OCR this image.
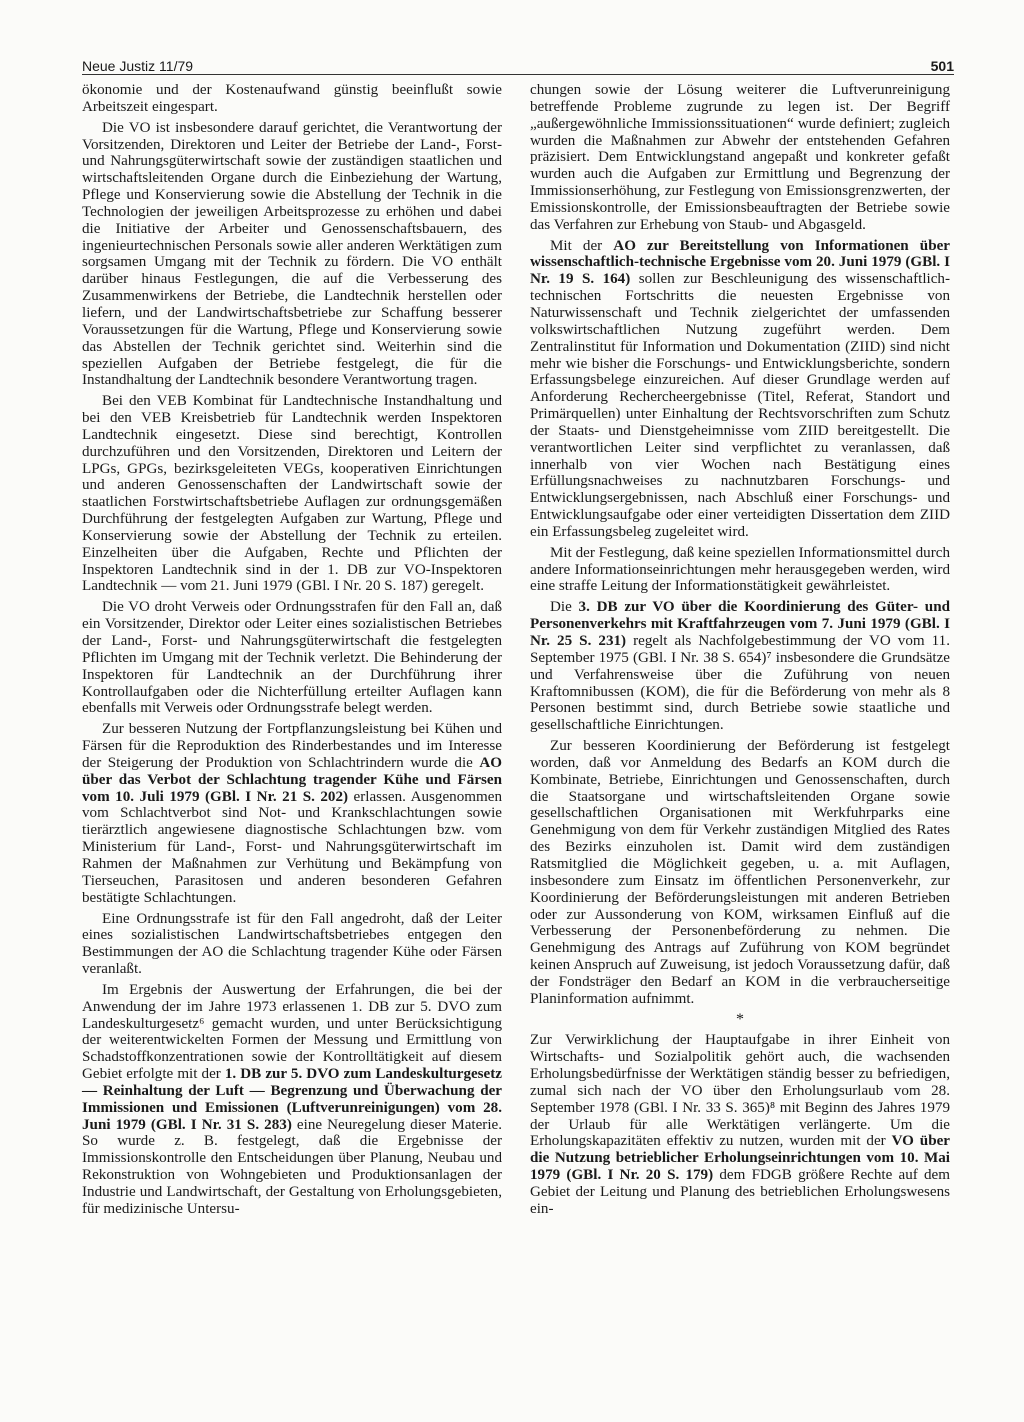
Neue Justiz 11/79	501

ökonomie und der Kostenaufwand günstig beeinflußt sowie Arbeitszeit eingespart.

Die VO ist insbesondere darauf gerichtet, die Verantwortung der Vorsitzenden, Direktoren und Leiter der Betriebe der Land-, Forst- und Nahrungsgüterwirtschaft sowie der zuständigen staatlichen und wirtschaftsleitenden Organe durch die Einbeziehung der Wartung, Pflege und Konservierung sowie die Abstellung der Technik in die Technologien der jeweiligen Arbeitsprozesse zu erhöhen und dabei die Initiative der Arbeiter und Genossenschaftsbauern, des ingenieurtechnischen Personals sowie aller anderen Werktätigen zum sorgsamen Umgang mit der Technik zu fördern. Die VO enthält darüber hinaus Festlegungen, die auf die Verbesserung des Zusammenwirkens der Betriebe, die Landtechnik herstellen oder liefern, und der Landwirtschaftsbetriebe zur Schaffung besserer Voraussetzungen für die Wartung, Pflege und Konservierung sowie das Abstellen der Technik gerichtet sind. Weiterhin sind die speziellen Aufgaben der Betriebe festgelegt, die für die Instandhaltung der Landtechnik besondere Verantwortung tragen.

Bei den VEB Kombinat für Landtechnische Instandhaltung und bei den VEB Kreisbetrieb für Landtechnik werden Inspektoren Landtechnik eingesetzt. Diese sind berechtigt, Kontrollen durchzuführen und den Vorsitzenden, Direktoren und Leitern der LPGs, GPGs, bezirksgeleiteten VEGs, kooperativen Einrichtungen und anderen Genossenschaften der Landwirtschaft sowie der staatlichen Forstwirtschaftsbetriebe Auflagen zur ordnungsgemäßen Durchführung der festgelegten Aufgaben zur Wartung, Pflege und Konservierung sowie der Abstellung der Technik zu erteilen. Einzelheiten über die Aufgaben, Rechte und Pflichten der Inspektoren Landtechnik sind in der 1. DB zur VO-Inspektoren Landtechnik — vom 21. Juni 1979 (GBl. I Nr. 20 S. 187) geregelt.

Die VO droht Verweis oder Ordnungsstrafen für den Fall an, daß ein Vorsitzender, Direktor oder Leiter eines sozialistischen Betriebes der Land-, Forst- und Nahrungsgüterwirtschaft die festgelegten Pflichten im Umgang mit der Technik verletzt. Die Behinderung der Inspektoren für Landtechnik an der Durchführung ihrer Kontrollaufgaben oder die Nichterfüllung erteilter Auflagen kann ebenfalls mit Verweis oder Ordnungsstrafe belegt werden.

Zur besseren Nutzung der Fortpflanzungsleistung bei Kühen und Färsen für die Reproduktion des Rinderbestandes und im Interesse der Steigerung der Produktion von Schlachtrindern wurde die AO über das Verbot der Schlachtung tragender Kühe und Färsen vom 10. Juli 1979 (GBl. I Nr. 21 S. 202) erlassen. Ausgenommen vom Schlachtverbot sind Not- und Krankschlachtungen sowie tierärztlich angewiesene diagnostische Schlachtungen bzw. vom Ministerium für Land-, Forst- und Nahrungsgüterwirtschaft im Rahmen der Maßnahmen zur Verhütung und Bekämpfung von Tierseuchen, Parasitosen und anderen besonderen Gefahren bestätigte Schlachtungen.

Eine Ordnungsstrafe ist für den Fall angedroht, daß der Leiter eines sozialistischen Landwirtschaftsbetriebes entgegen den Bestimmungen der AO die Schlachtung tragender Kühe oder Färsen veranlaßt.

Im Ergebnis der Auswertung der Erfahrungen, die bei der Anwendung der im Jahre 1973 erlassenen 1. DB zur 5. DVO zum Landeskulturgesetz⁶ gemacht wurden, und unter Berücksichtigung der weiterentwickelten Formen der Messung und Ermittlung von Schadstoffkonzentrationen sowie der Kontrolltätigkeit auf diesem Gebiet erfolgte mit der 1. DB zur 5. DVO zum Landeskulturgesetz — Reinhaltung der Luft — Begrenzung und Überwachung der Immissionen und Emissionen (Luftverunreinigungen) vom 28. Juni 1979 (GBl. I Nr. 31 S. 283) eine Neuregelung dieser Materie. So wurde z. B. festgelegt, daß die Ergebnisse der Immissionskontrolle den Entscheidungen über Planung, Neubau und Rekonstruktion von Wohngebieten und Produktionsanlagen der Industrie und Landwirtschaft, der Gestaltung von Erholungsgebieten, für medizinische Untersu-

chungen sowie der Lösung weiterer die Luftverunreinigung betreffende Probleme zugrunde zu legen ist. Der Begriff „außergewöhnliche Immissionssituationen“ wurde definiert; zugleich wurden die Maßnahmen zur Abwehr der entstehenden Gefahren präzisiert. Dem Entwicklungstand angepaßt und konkreter gefaßt wurden auch die Aufgaben zur Ermittlung und Begrenzung der Immissionserhöhung, zur Festlegung von Emissionsgrenzwerten, der Emissionskontrolle, der Emissionsbeauftragten der Betriebe sowie das Verfahren zur Erhebung von Staub- und Abgasgeld.

Mit der AO zur Bereitstellung von Informationen über wissenschaftlich-technische Ergebnisse vom 20. Juni 1979 (GBl. I Nr. 19 S. 164) sollen zur Beschleunigung des wissenschaftlich-technischen Fortschritts die neuesten Ergebnisse von Naturwissenschaft und Technik zielgerichtet der umfassenden volkswirtschaftlichen Nutzung zugeführt werden. Dem Zentralinstitut für Information und Dokumentation (ZIID) sind nicht mehr wie bisher die Forschungs- und Entwicklungsberichte, sondern Erfassungsbelege einzureichen. Auf dieser Grundlage werden auf Anforderung Rechercheergebnisse (Titel, Referat, Standort und Primärquellen) unter Einhaltung der Rechtsvorschriften zum Schutz der Staats- und Dienstgeheimnisse vom ZIID bereitgestellt. Die verantwortlichen Leiter sind verpflichtet zu veranlassen, daß innerhalb von vier Wochen nach Bestätigung eines Erfüllungsnachweises zu nachnutzbaren Forschungs- und Entwicklungsergebnissen, nach Abschluß einer Forschungs- und Entwicklungsaufgabe oder einer verteidigten Dissertation dem ZIID ein Erfassungsbeleg zugeleitet wird.

Mit der Festlegung, daß keine speziellen Informationsmittel durch andere Informationseinrichtungen mehr herausgegeben werden, wird eine straffe Leitung der Informationstätigkeit gewährleistet.

Die 3. DB zur VO über die Koordinierung des Güter- und Personenverkehrs mit Kraftfahrzeugen vom 7. Juni 1979 (GBl. I Nr. 25 S. 231) regelt als Nachfolgebestimmung der VO vom 11. September 1975 (GBl. I Nr. 38 S. 654)⁷ insbesondere die Grundsätze und Verfahrensweise über die Zuführung von neuen Kraftomnibussen (KOM), die für die Beförderung von mehr als 8 Personen bestimmt sind, durch Betriebe sowie staatliche und gesellschaftliche Einrichtungen.

Zur besseren Koordinierung der Beförderung ist festgelegt worden, daß vor Anmeldung des Bedarfs an KOM durch die Kombinate, Betriebe, Einrichtungen und Genossenschaften, durch die Staatsorgane und wirtschaftsleitenden Organe sowie gesellschaftlichen Organisationen mit Werkfuhrparks eine Genehmigung von dem für Verkehr zuständigen Mitglied des Rates des Bezirks einzuholen ist. Damit wird dem zuständigen Ratsmitglied die Möglichkeit gegeben, u. a. mit Auflagen, insbesondere zum Einsatz im öffentlichen Personenverkehr, zur Koordinierung der Beförderungsleistungen mit anderen Betrieben oder zur Aussonderung von KOM, wirksamen Einfluß auf die Verbesserung der Personenbeförderung zu nehmen. Die Genehmigung des Antrags auf Zuführung von KOM begründet keinen Anspruch auf Zuweisung, ist jedoch Voraussetzung dafür, daß der Fondsträger den Bedarf an KOM in die verbraucherseitige Planinformation aufnimmt.

*

Zur Verwirklichung der Hauptaufgabe in ihrer Einheit von Wirtschafts- und Sozialpolitik gehört auch, die wachsenden Erholungsbedürfnisse der Werktätigen ständig besser zu befriedigen, zumal sich nach der VO über den Erholungsurlaub vom 28. September 1978 (GBl. I Nr. 33 S. 365)⁸ mit Beginn des Jahres 1979 der Urlaub für alle Werktätigen verlängerte. Um die Erholungskapazitäten effektiv zu nutzen, wurden mit der VO über die Nutzung betrieblicher Erholungseinrichtungen vom 10. Mai 1979 (GBl. I Nr. 20 S. 179) dem FDGB größere Rechte auf dem Gebiet der Leitung und Planung des betrieblichen Erholungswesens ein-
